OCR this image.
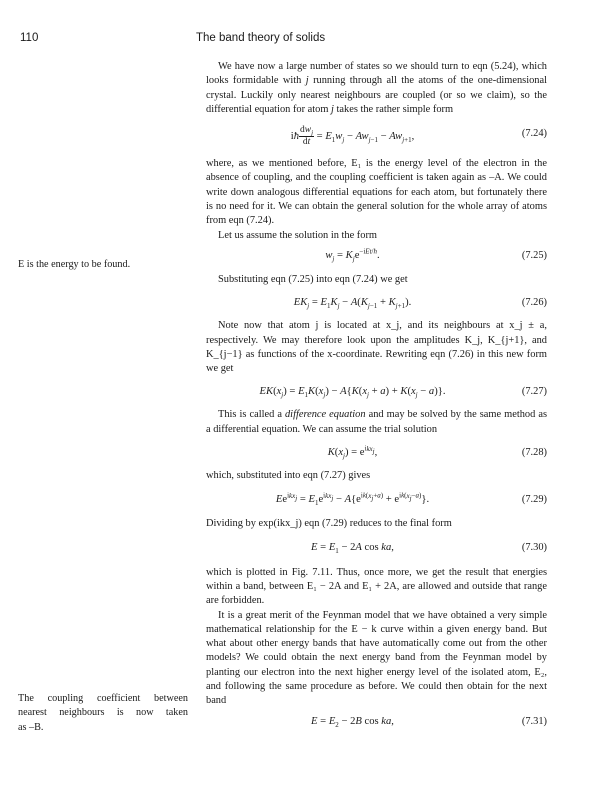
110	The band theory of solids

We have now a large number of states so we should turn to eqn (5.24), which looks formidable with j running through all the atoms of the one-dimensional crystal. Luckily only nearest neighbours are coupled (or so we claim), so the differential equation for atom j takes the rather simple form

iħ $\frac{dw_j}{dt} = E_1w_j - Aw_{j-1} - Aw_{j+1}$,	(7.24)

where, as we mentioned before, E₁ is the energy level of the electron in the absence of coupling, and the coupling coefficient is taken again as –A. We could write down analogous differential equations for each atom, but fortunately there is no need for it. We can obtain the general solution for the whole array of atoms from eqn (7.24).

Let us assume the solution in the form

$w_j = K_je^{-iEt/ħ}$.	(7.25)

Substituting eqn (7.25) into eqn (7.24) we get

$EK_j = E_1K_j - A(K_{j-1} + K_{j+1})$.	(7.26)

Note now that atom j is located at x_j, and its neighbours at x_j ± a, respectively. We may therefore look upon the amplitudes K_j, K_{j+1}, and K_{j−1} as functions of the x-coordinate. Rewriting eqn (7.26) in this new form we get

$EK(x_j) = E_1K(x_j) - A\{K(x_j + a) + K(x_j - a)\}$.	(7.27)

This is called a difference equation and may be solved by the same method as a differential equation. We can assume the trial solution

$K(x_j) = e^{ikx_j}$,	(7.28)

which, substituted into eqn (7.27) gives

$Ee^{ikx_j} = E_1e^{ikx_j} - A\{e^{ik(x_j+a)} + e^{ik(x_j-a)}\}$.	(7.29)

Dividing by exp(ikx_j) eqn (7.29) reduces to the final form

$E = E_1 - 2A$ cos ka,	(7.30)

which is plotted in Fig. 7.11. Thus, once more, we get the result that energies within a band, between E₁ − 2A and E₁ + 2A, are allowed and outside that range are forbidden.

It is a great merit of the Feynman model that we have obtained a very simple mathematical relationship for the E − k curve within a given energy band. But what about other energy bands that have automatically come out from the other models? We could obtain the next energy band from the Feynman model by planting our electron into the next higher energy level of the isolated atom, E₂, and following the same procedure as before. We could then obtain for the next band

$E = E_2 - 2B$ cos ka,	(7.31)
E is the energy to be found.
The coupling coefficient between
nearest neighbours is now taken
as –B.
